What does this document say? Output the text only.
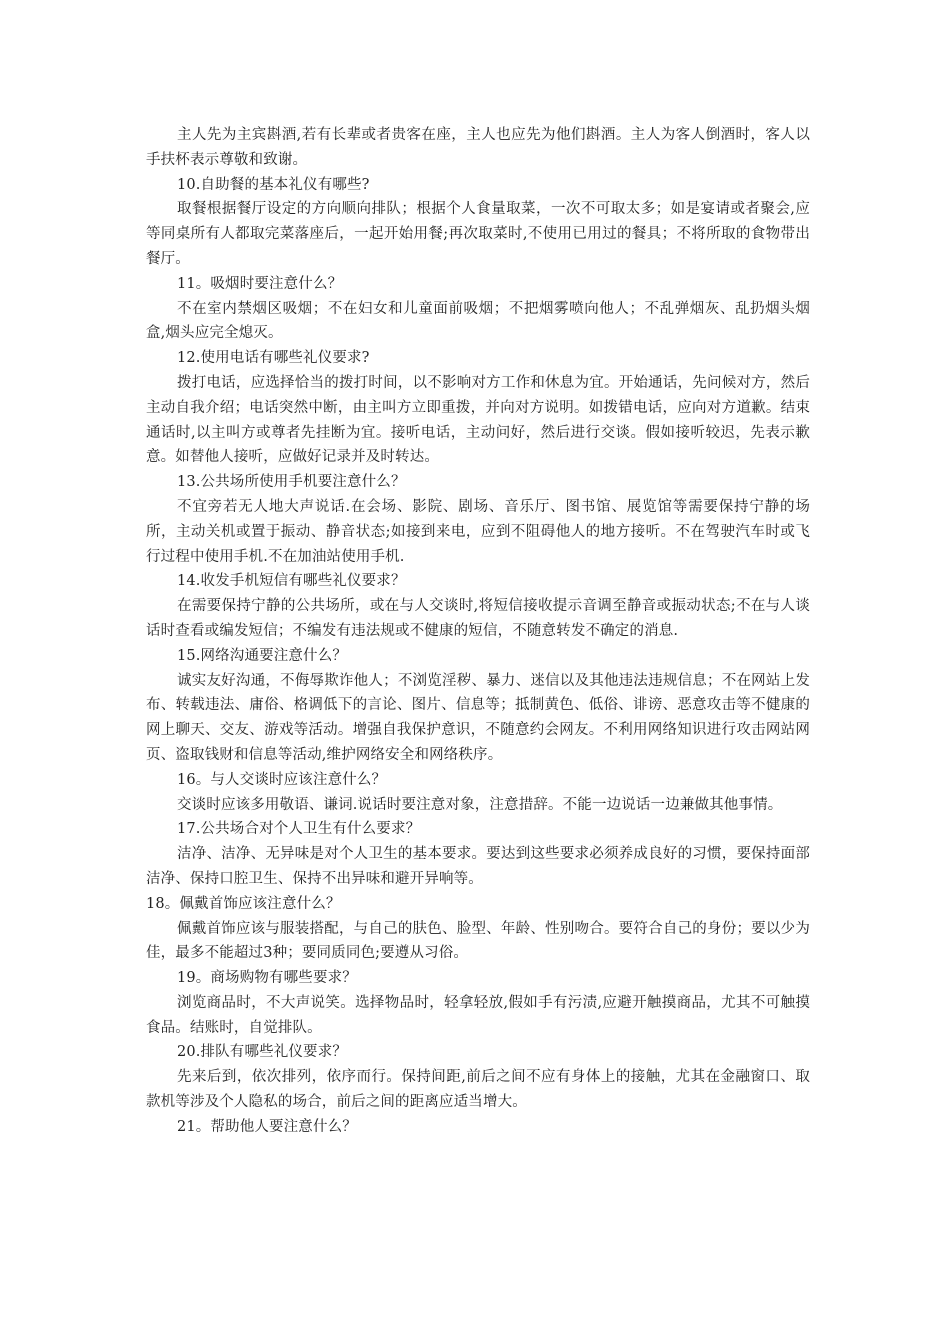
主人先为主宾斟酒,若有长辈或者贵客在座，主人也应先为他们斟酒。主人为客人倒酒时，客人以手扶杯表示尊敬和致谢。

10.自助餐的基本礼仪有哪些?

取餐根据餐厅设定的方向顺向排队；根据个人食量取菜，一次不可取太多；如是宴请或者聚会,应等同桌所有人都取完菜落座后，一起开始用餐;再次取菜时,不使用已用过的餐具；不将所取的食物带出餐厅。

11。吸烟时要注意什么？

不在室内禁烟区吸烟；不在妇女和儿童面前吸烟；不把烟雾喷向他人；不乱弹烟灰、乱扔烟头烟盒,烟头应完全熄灭。

12.使用电话有哪些礼仪要求?

拨打电话，应选择恰当的拨打时间，以不影响对方工作和休息为宜。开始通话，先问候对方，然后主动自我介绍；电话突然中断，由主叫方立即重拨，并向对方说明。如拨错电话，应向对方道歉。结束通话时,以主叫方或尊者先挂断为宜。接听电话，主动问好，然后进行交谈。假如接听较迟，先表示歉意。如替他人接听，应做好记录并及时转达。

13.公共场所使用手机要注意什么？

不宜旁若无人地大声说话.在会场、影院、剧场、音乐厅、图书馆、展览馆等需要保持宁静的场所，主动关机或置于振动、静音状态;如接到来电，应到不阻碍他人的地方接听。不在驾驶汽车时或飞行过程中使用手机.不在加油站使用手机.

14.收发手机短信有哪些礼仪要求？

在需要保持宁静的公共场所，或在与人交谈时,将短信接收提示音调至静音或振动状态;不在与人谈话时查看或编发短信；不编发有违法规或不健康的短信，不随意转发不确定的消息.

15.网络沟通要注意什么？

诚实友好沟通，不侮辱欺诈他人；不浏览淫秽、暴力、迷信以及其他违法违规信息；不在网站上发布、转载违法、庸俗、格调低下的言论、图片、信息等；抵制黄色、低俗、诽谤、恶意攻击等不健康的网上聊天、交友、游戏等活动。增强自我保护意识，不随意约会网友。不利用网络知识进行攻击网站网页、盗取钱财和信息等活动,维护网络安全和网络秩序。

16。与人交谈时应该注意什么？

交谈时应该多用敬语、谦词.说话时要注意对象，注意措辞。不能一边说话一边兼做其他事情。

17.公共场合对个人卫生有什么要求？

洁净、洁净、无异味是对个人卫生的基本要求。要达到这些要求必须养成良好的习惯，要保持面部洁净、保持口腔卫生、保持不出异味和避开异响等。

18。佩戴首饰应该注意什么？

佩戴首饰应该与服装搭配，与自己的肤色、脸型、年龄、性别吻合。要符合自己的身份；要以少为佳，最多不能超过3种；要同质同色;要遵从习俗。

19。商场购物有哪些要求？

浏览商品时，不大声说笑。选择物品时，轻拿轻放,假如手有污渍,应避开触摸商品，尤其不可触摸食品。结账时，自觉排队。

20.排队有哪些礼仪要求？

先来后到，依次排列，依序而行。保持间距,前后之间不应有身体上的接触，尤其在金融窗口、取款机等涉及个人隐私的场合，前后之间的距离应适当增大。

21。帮助他人要注意什么？
